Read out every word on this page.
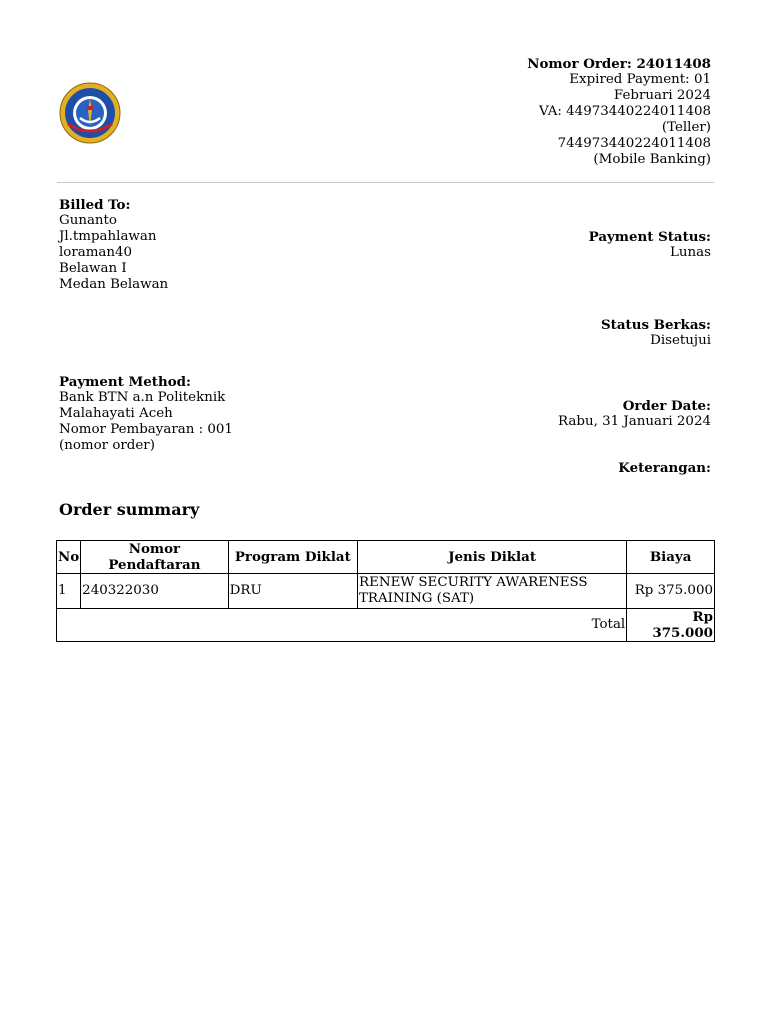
Nomor Order: 24011408
Expired Payment: 01
Februari 2024
VA: 44973440224011408
(Teller)
744973440224011408
(Mobile Banking)
Billed To:
Gunanto
Jl.tmpahlawan
loraman40
Belawan I
Medan Belawan
Payment Status:
Lunas
Status Berkas:
Disetujui
Payment Method:
Bank BTN a.n Politeknik
Malahayati Aceh
Nomor Pembayaran : 001
(nomor order)
Order Date:
Rabu, 31 Januari 2024
Keterangan:
Order summary
No	Nomor Pendaftaran	Program Diklat	Jenis Diklat	Biaya
1	240322030	DRU	RENEW SECURITY AWARENESS TRAINING (SAT)	Rp 375.000
Total				Rp 375.000
